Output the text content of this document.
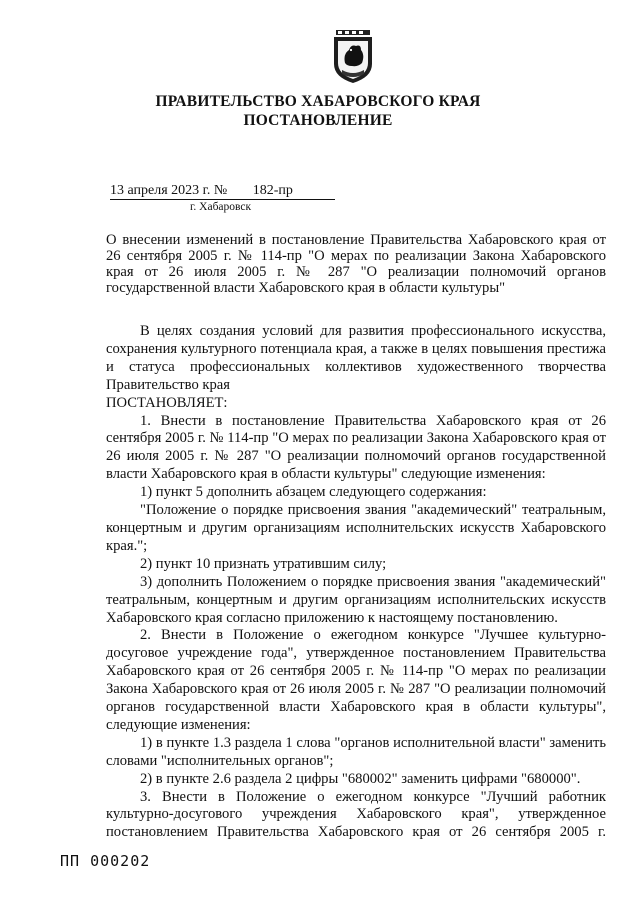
ПРАВИТЕЛЬСТВО ХАБАРОВСКОГО КРАЯ
ПОСТАНОВЛЕНИЕ
13 апреля 2023 г. № 182-пр
г. Хабаровск

О внесении изменений в постановление Правительства Хабаровского края от 26 сентября 2005 г. № 114-пр "О мерах по реализации Закона Хабаровского края от 26 июля 2005 г. № 287 "О реализации полномочий органов государственной власти Хабаровского края в области культуры"

В целях создания условий для развития профессионального искусства, сохранения культурного потенциала края, а также в целях повышения престижа и статуса профессиональных коллективов художественного творчества Правительство края

ПОСТАНОВЛЯЕТ:

1. Внести в постановление Правительства Хабаровского края от 26 сентября 2005 г. № 114-пр "О мерах по реализации Закона Хабаровского края от 26 июля 2005 г. № 287 "О реализации полномочий органов государственной власти Хабаровского края в области культуры" следующие изменения:

1) пункт 5 дополнить абзацем следующего содержания:

"Положение о порядке присвоения звания "академический" театральным, концертным и другим организациям исполнительских искусств Хабаровского края.";

2) пункт 10 признать утратившим силу;

3) дополнить Положением о порядке присвоения звания "академический" театральным, концертным и другим организациям исполнительских искусств Хабаровского края согласно приложению к настоящему постановлению.

2. Внести в Положение о ежегодном конкурсе "Лучшее культурно-досуговое учреждение года", утвержденное постановлением Правительства Хабаровского края от 26 сентября 2005 г. № 114-пр "О мерах по реализации Закона Хабаровского края от 26 июля 2005 г. № 287 "О реализации полномочий органов государственной власти Хабаровского края в области культуры", следующие изменения:

1) в пункте 1.3 раздела 1 слова "органов исполнительной власти" заменить словами "исполнительных органов";

2) в пункте 2.6 раздела 2 цифры "680002" заменить цифрами "680000".

3. Внести в Положение о ежегодном конкурсе "Лучший работник культурно-досугового учреждения Хабаровского края", утвержденное постановлением Правительства Хабаровского края от 26 сентября 2005 г.

ПП 000202
